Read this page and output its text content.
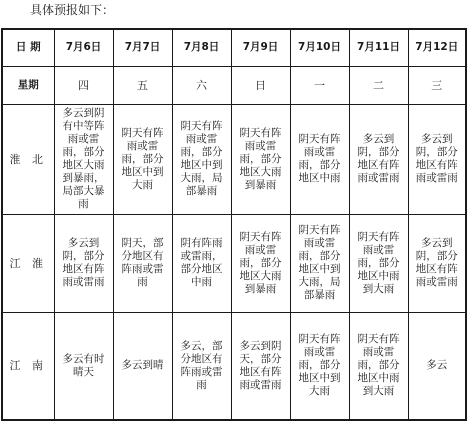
具体预报如下：
日 期	7月6日	7月7日	7月8日	7月9日	7月10日	7月11日	7月12日
星期	四	五	六	日	一	二	三
淮 北	多云到阴有中等阵雨或雷雨，部分地区大雨到暴雨，局部大暴雨	阴天有阵雨或雷雨，部分地区中到大雨	阴天有阵雨或雷雨，部分地区中到大雨，局部暴雨	阴天有阵雨或雷雨，部分地区大雨到暴雨	阴天有阵雨或雷雨，部分地区中雨	多云到阴，部分地区有阵雨或雷雨	多云到阴，部分地区有阵雨或雷雨
江 淮	多云到阴，部分地区有阵雨或雷雨	阴天，部分地区有阵雨或雷雨	阴有阵雨或雷雨，部分地区中雨	阴天有阵雨或雷雨，部分地区大雨到暴雨	阴天有阵雨或雷雨，部分地区中到大雨，局部暴雨	阴天有阵雨或雷雨，部分地区中雨到大雨	多云到阴，部分地区有阵雨或雷雨
江 南	多云有时晴天	多云到晴	多云，部分地区有阵雨或雷雨	多云到阴天，部分地区有阵雨或雷雨	阴天有阵雨或雷雨，部分地区中到大雨	阴天有阵雨或雷雨，部分地区中雨到大雨	多云
